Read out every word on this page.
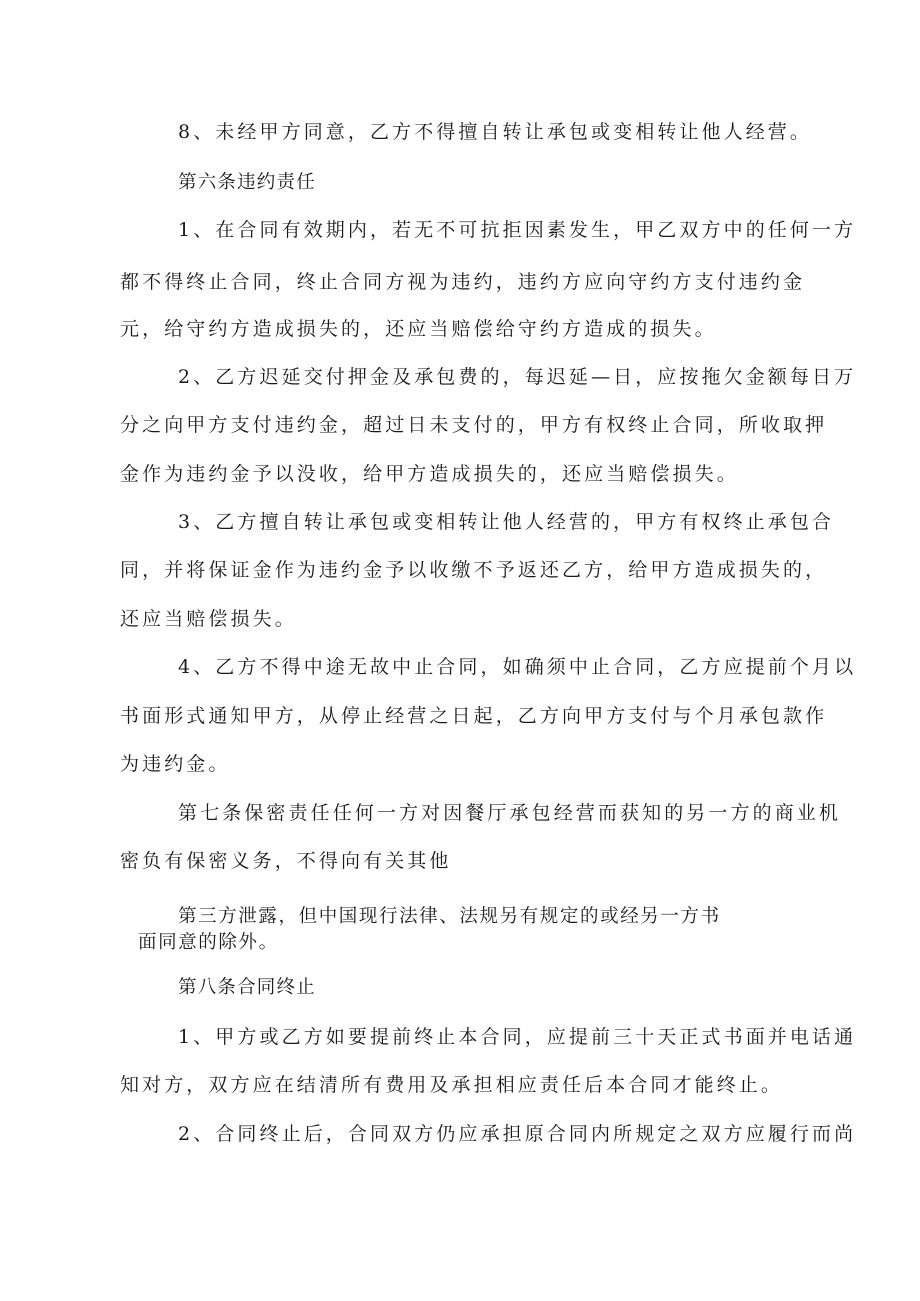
8、未经甲方同意，乙方不得擅自转让承包或变相转让他人经营。

第六条违约责任

1、在合同有效期内，若无不可抗拒因素发生，甲乙双方中的任何一方

都不得终止合同，终止合同方视为违约，违约方应向守约方支付违约金

元，给守约方造成损失的，还应当赔偿给守约方造成的损失。

2、乙方迟延交付押金及承包费的，每迟延—日，应按拖欠金额每日万

分之向甲方支付违约金，超过日未支付的，甲方有权终止合同，所收取押

金作为违约金予以没收，给甲方造成损失的，还应当赔偿损失。

3、乙方擅自转让承包或变相转让他人经营的，甲方有权终止承包合

同，并将保证金作为违约金予以收缴不予返还乙方，给甲方造成损失的，

还应当赔偿损失。

4、乙方不得中途无故中止合同，如确须中止合同，乙方应提前个月以

书面形式通知甲方，从停止经营之日起，乙方向甲方支付与个月承包款作

为违约金。

第七条保密责任任何一方对因餐厅承包经营而获知的另一方的商业机

密负有保密义务，不得向有关其他

第三方泄露，但中国现行法律、法规另有规定的或经另一方书

面同意的除外。

第八条合同终止

1、甲方或乙方如要提前终止本合同，应提前三十天正式书面并电话通

知对方，双方应在结清所有费用及承担相应责任后本合同才能终止。

2、合同终止后，合同双方仍应承担原合同内所规定之双方应履行而尚
